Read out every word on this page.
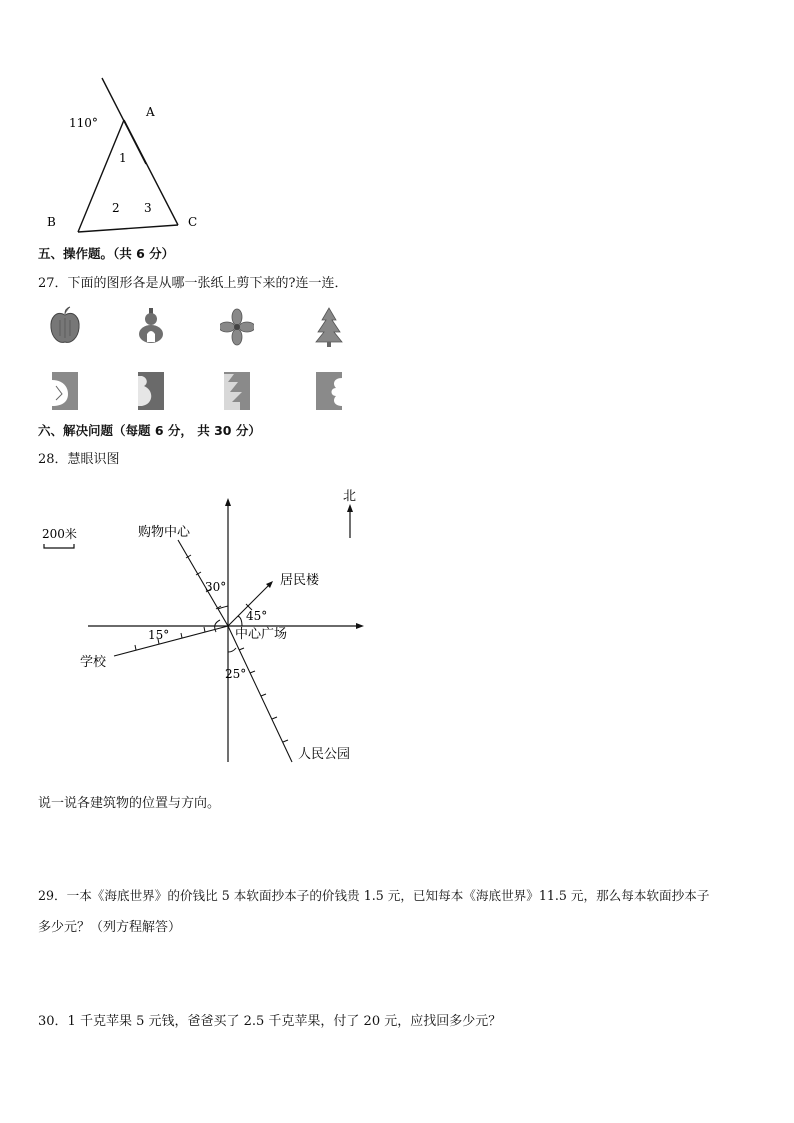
110°
A
B	C
1
2 3
五、操作题。（共 6 分）
27．下面的图形各是从哪一张纸上剪下来的?连一连．
六、解决问题（每题 6 分， 共 30 分）
28．慧眼识图
北
200米	购物中心
30°	居民楼
45°
中心广场
学校
15°
人民公园
25°
说一说各建筑物的位置与方向。
29．一本《海底世界》的价钱比 5 本软面抄本子的价钱贵 1.5 元，已知每本《海底世界》11.5 元，那么每本软面抄本子
多少元？（列方程解答）
30．1 千克苹果 5 元钱，爸爸买了 2.5 千克苹果，付了 20 元，应找回多少元？
